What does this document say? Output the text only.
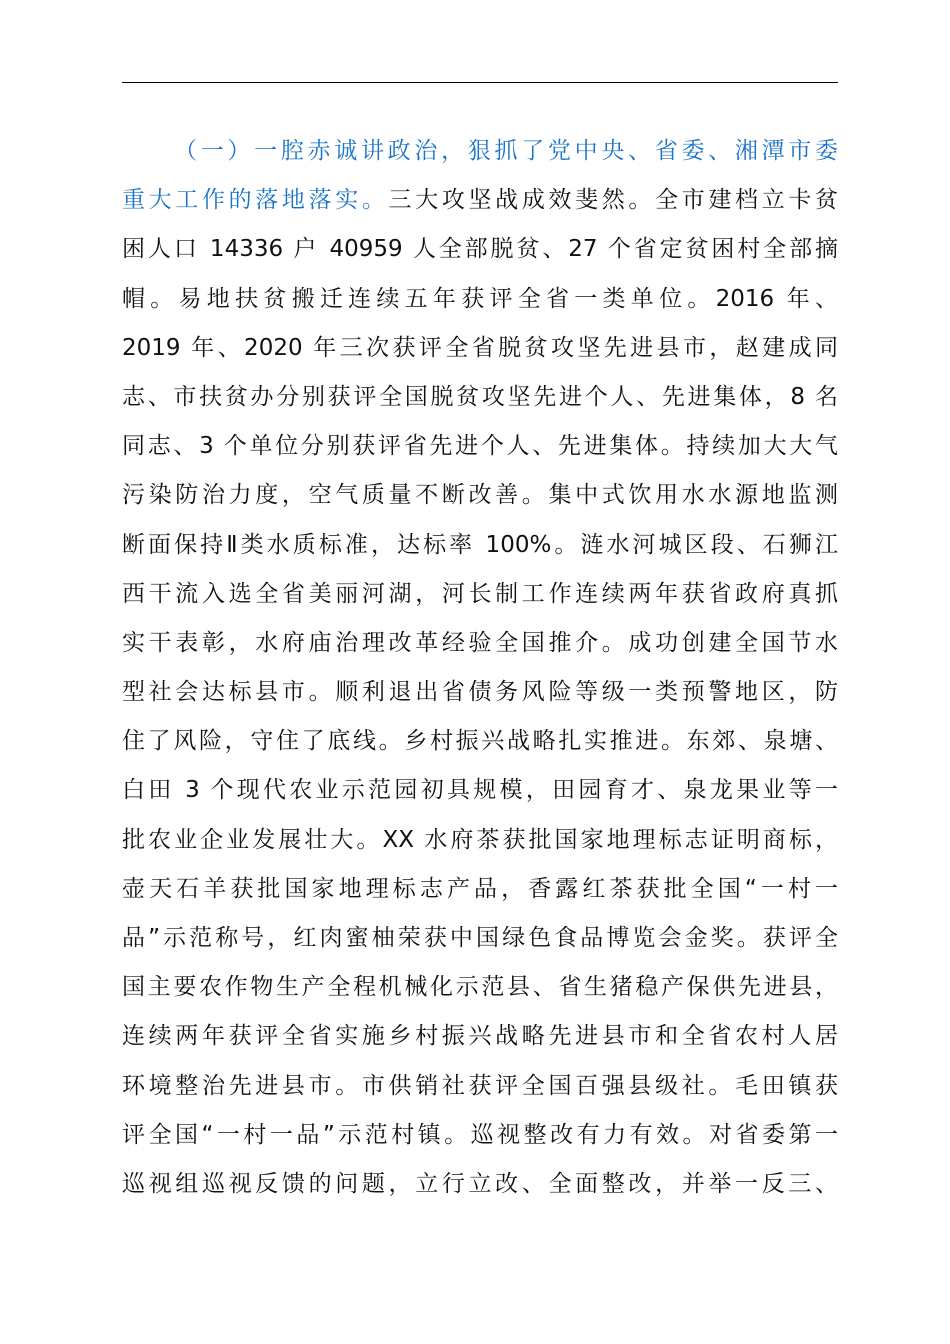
（一）一腔赤诚讲政治，狠抓了党中央、省委、湘潭市委
重大工作的落地落实。三大攻坚战成效斐然。全市建档立卡贫
困人口 14336 户 40959 人全部脱贫、27 个省定贫困村全部摘
帽。易地扶贫搬迁连续五年获评全省一类单位。2016 年、
2019 年、2020 年三次获评全省脱贫攻坚先进县市，赵建成同
志、市扶贫办分别获评全国脱贫攻坚先进个人、先进集体，8 名
同志、3 个单位分别获评省先进个人、先进集体。持续加大大气
污染防治力度，空气质量不断改善。集中式饮用水水源地监测
断面保持Ⅱ类水质标准，达标率 100%。涟水河城区段、石狮江
西干流入选全省美丽河湖，河长制工作连续两年获省政府真抓
实干表彰，水府庙治理改革经验全国推介。成功创建全国节水
型社会达标县市。顺利退出省债务风险等级一类预警地区，防
住了风险，守住了底线。乡村振兴战略扎实推进。东郊、泉塘、
白田 3 个现代农业示范园初具规模，田园育才、泉龙果业等一
批农业企业发展壮大。XX 水府茶获批国家地理标志证明商标，
壶天石羊获批国家地理标志产品，香露红茶获批全国“一村一
品”示范称号，红肉蜜柚荣获中国绿色食品博览会金奖。获评全
国主要农作物生产全程机械化示范县、省生猪稳产保供先进县，
连续两年获评全省实施乡村振兴战略先进县市和全省农村人居
环境整治先进县市。市供销社获评全国百强县级社。毛田镇获
评全国“一村一品”示范村镇。巡视整改有力有效。对省委第一
巡视组巡视反馈的问题，立行立改、全面整改，并举一反三、
